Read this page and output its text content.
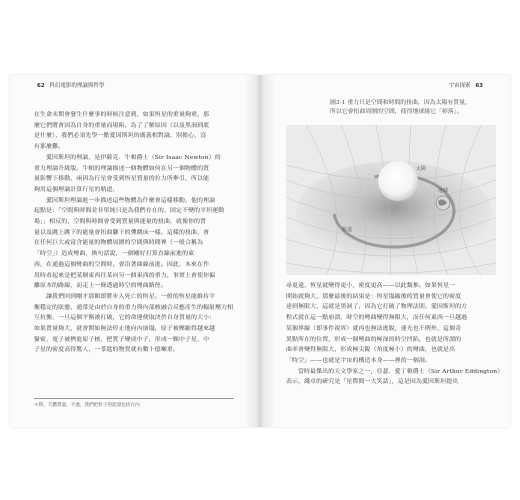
62 科幻電影的理論與哲學

在生命末期會發生什麼事的時候注意到，如果恆星的重量夠重，那

麼它們將會因為自身的重量而場陷，為了了解原因（以及黑洞到底

是什麼），我們必須先學一點愛因斯坦的廣義相對論，別擔心，沒

有那麼難。

愛因斯坦的理論，是伊薩克．牛頓爵士（Sir Isaac Newton）的

重力理論升級版。牛頓的理論描述一個物體如何在另一個物體的質

量影響下移動，兩因為行星會受到恆星質量的拉力所牽引，所以能

夠用這個理論計算行星的軌道。

愛因斯坦理論進一步描述這些物體為什麼會這樣移動。他的理論

起點是：「空間與時間並非單純只是為我們存在的，固定不變的平坦運動

場」；相反的，空間與時間會受到質量與能量的扭曲，就像你的質

量以及跳上跳下的能量會扭曲腳下的彈跳床一樣。這樣的扭曲，會

在任何巨大或富含能量的物體周圍的空間與時間裡（一般合稱為

「時空」）造成彎曲，換句話說，一個剛好打算直線前進的東

西，在通過這個彎曲的空間時，會沿著曲線前進。因此，本來在作

用時看起來是把某個東西往某向另一個東西的重力，事實上會使你偏

離原本的路線，而走上一條透過時空的彎曲路徑。

讓我們回到剛才那顆即將步入死亡的恆星。一般的恆星能維持平

衡穩定的狀態，通常是由於自身的重力與內部核融合反應產生的輻射壓力相

互抗衡，一旦這個平衡被打破，它的命運便取決於自身質量的大小：

如果質量夠大，就會開始無法停止地向內崩塌，原子被壓縮得越來越

緊密，電子被擠進原子核，把質子變成中子，形成一顆中子星，中

子星的密度高得驚人，一茶匙的物質就有數十億噸重。

＊時，天體質量。不過，我們把粒子的能量包括在內
宇宙探索 63

圖3-1 重力只是空間和時間的扭曲，因為太陽有質量，

所以它會扭曲周圍的空間，使得地球繞它「掉落」。

太陽
地球
軌道

尋更遠，恆星就變得更小，密度更高——以此類推。如果恆星一

開始就夠大，那麼最後的結果是：恆星塌縮後的質量會使它的密度

達到無限大，這就是黑洞了，因為它打破了物理法則。愛因斯坦的方

程式就在這一點崩潰，時空的彎曲變得無限大，而任何東西一旦越過

某個界線（即事件視界）就再也無法逃脫，連光也不例外，這個奇

異點所在的位置，形成一個彎曲的極深的時空凹陷，也就是所謂的

曲率會變得無限大，形成極尖銳（角度極小）的彎曲，也就是出

「時空」——也就是宇宙的構造本身——裡的一個洞。

當時最傑出的天文學家之一，亞瑟．愛丁頓爵士（Sir Arthur Eddington）

表示，錢卓的研究是「星際間一大笑話」，這是因為愛因斯坦提出
